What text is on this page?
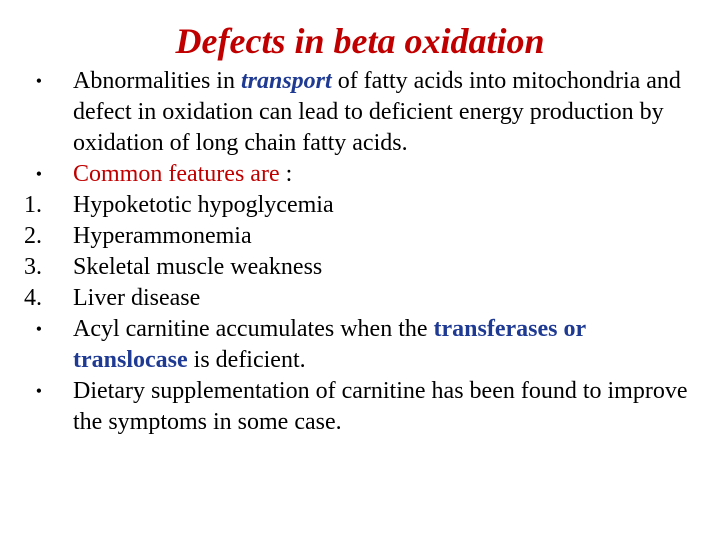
Defects in beta oxidation
• Abnormalities in transport of fatty acids into mitochondria and defect in oxidation can lead to deficient energy production by oxidation of long chain fatty acids.
• Common features are :
1. Hypoketotic hypoglycemia
2. Hyperammonemia
3. Skeletal muscle weakness
4. Liver disease
• Acyl carnitine accumulates when the transferases or translocase is deficient.
• Dietary supplementation of carnitine has been found to improve the symptoms in some case.
